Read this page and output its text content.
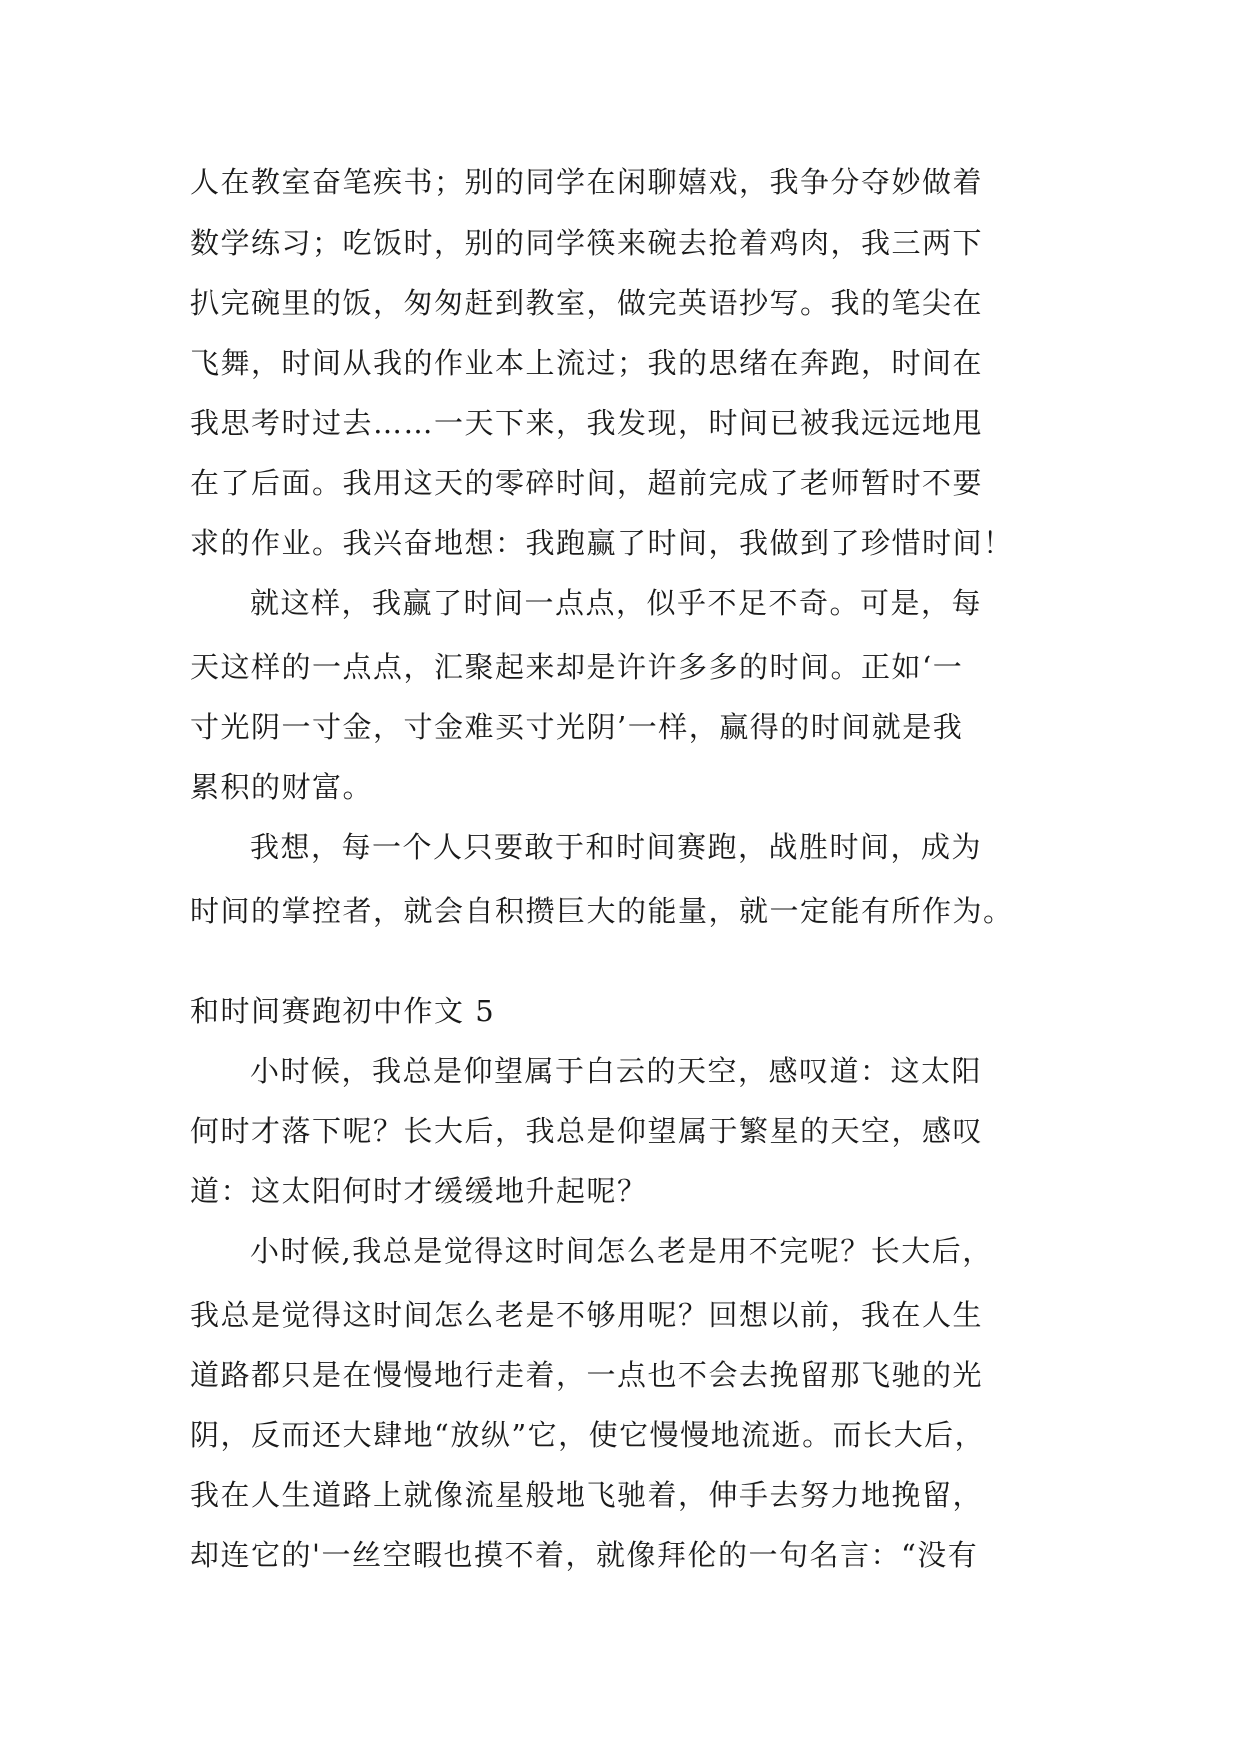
人在教室奋笔疾书；别的同学在闲聊嬉戏，我争分夺妙做着
数学练习；吃饭时，别的同学筷来碗去抢着鸡肉，我三两下
扒完碗里的饭，匆匆赶到教室，做完英语抄写。我的笔尖在
飞舞，时间从我的作业本上流过；我的思绪在奔跑，时间在
我思考时过去……一天下来，我发现，时间已被我远远地甩
在了后面。我用这天的零碎时间，超前完成了老师暂时不要
求的作业。我兴奋地想：我跑赢了时间，我做到了珍惜时间！
就这样，我赢了时间一点点，似乎不足不奇。可是，每
天这样的一点点，汇聚起来却是许许多多的时间。正如‘一
寸光阴一寸金，寸金难买寸光阴’一样，赢得的时间就是我
累积的财富。
我想，每一个人只要敢于和时间赛跑，战胜时间，成为
时间的掌控者，就会自积攒巨大的能量，就一定能有所作为。
和时间赛跑初中作文 5
小时候，我总是仰望属于白云的天空，感叹道：这太阳
何时才落下呢？长大后，我总是仰望属于繁星的天空，感叹
道：这太阳何时才缓缓地升起呢？
小时候,我总是觉得这时间怎么老是用不完呢？长大后，
我总是觉得这时间怎么老是不够用呢？回想以前，我在人生
道路都只是在慢慢地行走着，一点也不会去挽留那飞驰的光
阴，反而还大肆地“放纵”它，使它慢慢地流逝。而长大后，
我在人生道路上就像流星般地飞驰着，伸手去努力地挽留，
却连它的'一丝空暇也摸不着，就像拜伦的一句名言：“没有
